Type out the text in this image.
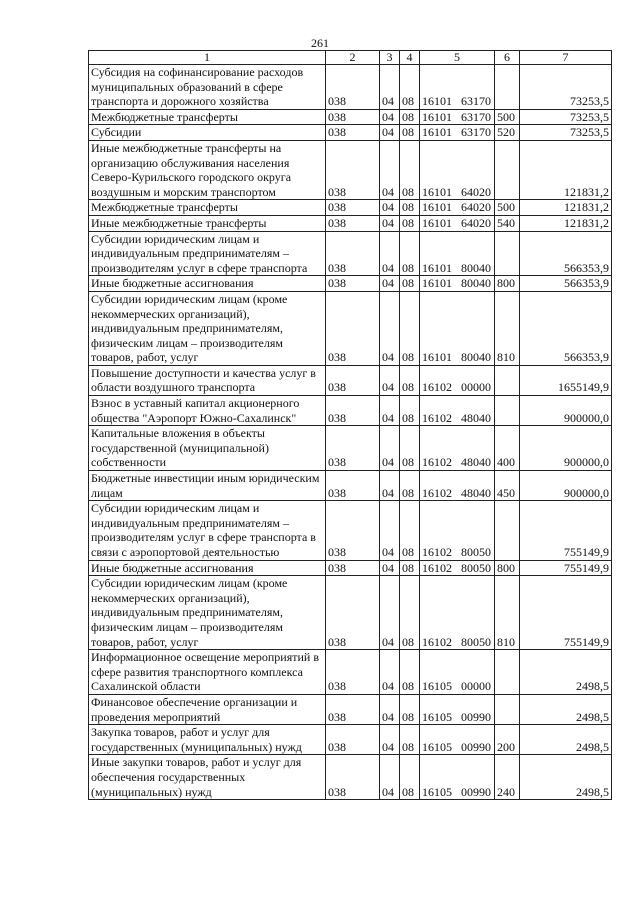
261
1	2	3	4	5	6	7
Субсидия на софинансирование расходов муниципальных образований в сфере транспорта и дорожного хозяйства	038	04	08	16101 63170		73253,5
Межбюджетные трансферты	038	04	08	16101 63170	500	73253,5
Субсидии	038	04	08	16101 63170	520	73253,5
Иные межбюджетные трансферты на организацию обслуживания населения Северо-Курильского городского округа воздушным и морским транспортом	038	04	08	16101 64020		121831,2
Межбюджетные трансферты	038	04	08	16101 64020	500	121831,2
Иные межбюджетные трансферты	038	04	08	16101 64020	540	121831,2
Субсидии юридическим лицам и индивидуальным предпринимателям – производителям услуг в сфере транспорта	038	04	08	16101 80040		566353,9
Иные бюджетные ассигнования	038	04	08	16101 80040	800	566353,9
Субсидии юридическим лицам (кроме некоммерческих организаций), индивидуальным предпринимателям, физическим лицам – производителям товаров, работ, услуг	038	04	08	16101 80040	810	566353,9
Повышение доступности и качества услуг в области воздушного транспорта	038	04	08	16102 00000		1655149,9
Взнос в уставный капитал акционерного общества "Аэропорт Южно-Сахалинск"	038	04	08	16102 48040		900000,0
Капитальные вложения в объекты государственной (муниципальной) собственности	038	04	08	16102 48040	400	900000,0
Бюджетные инвестиции иным юридическим лицам	038	04	08	16102 48040	450	900000,0
Субсидии юридическим лицам и индивидуальным предпринимателям – производителям услуг в сфере транспорта в связи с аэропортовой деятельностью	038	04	08	16102 80050		755149,9
Иные бюджетные ассигнования	038	04	08	16102 80050	800	755149,9
Субсидии юридическим лицам (кроме некоммерческих организаций), индивидуальным предпринимателям, физическим лицам – производителям товаров, работ, услуг	038	04	08	16102 80050	810	755149,9
Информационное освещение мероприятий в сфере развития транспортного комплекса Сахалинской области	038	04	08	16105 00000		2498,5
Финансовое обеспечение организации и проведения мероприятий	038	04	08	16105 00990		2498,5
Закупка товаров, работ и услуг для государственных (муниципальных) нужд	038	04	08	16105 00990	200	2498,5
Иные закупки товаров, работ и услуг для обеспечения государственных (муниципальных) нужд	038	04	08	16105 00990	240	2498,5
